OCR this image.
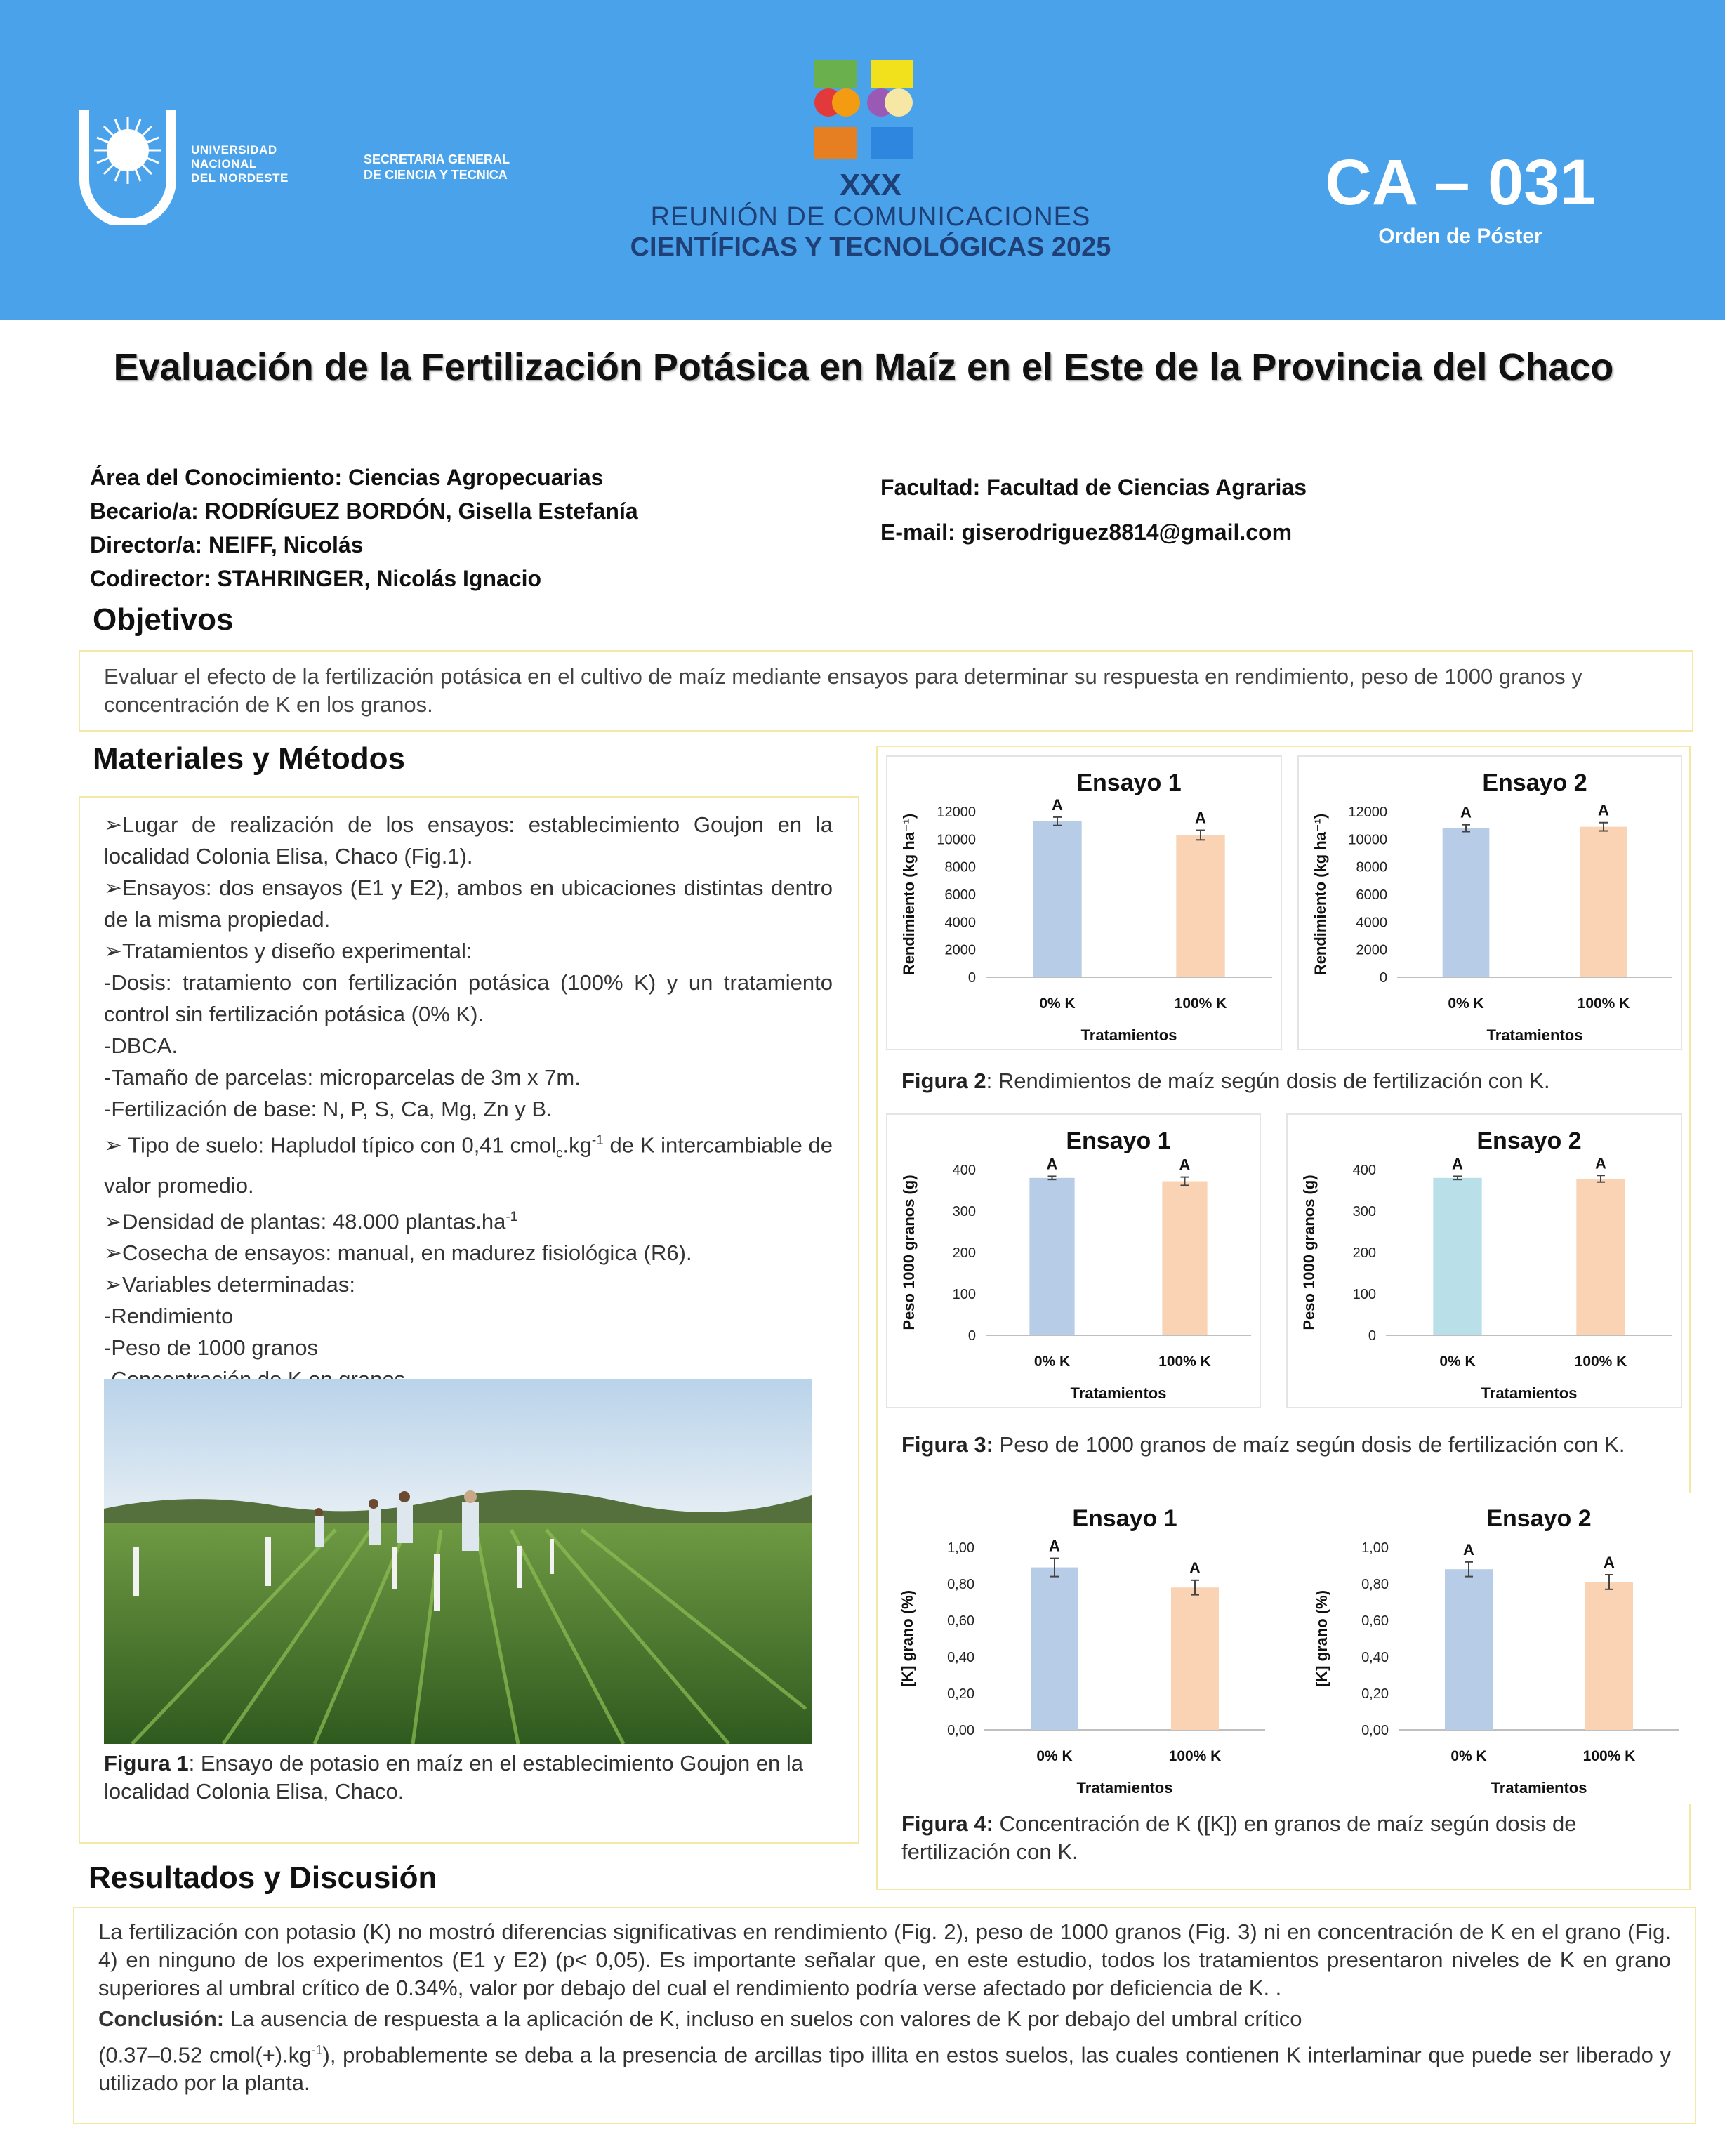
UNIVERSIDAD
NACIONAL
DEL NORDESTE
SECRETARIA GENERAL
DE CIENCIA Y TECNICA	XXX
REUNIÓN DE COMUNICACIONES
CIENTÍFICAS Y TECNOLÓGICAS 2025
CA – 031
Orden de Póster
Evaluación de la Fertilización Potásica en Maíz en el Este de la Provincia del Chaco
Área del Conocimiento: Ciencias Agropecuarias
Becario/a: RODRÍGUEZ BORDÓN, Gisella Estefanía
Director/a: NEIFF, Nicolás
Codirector: STAHRINGER, Nicolás Ignacio
Facultad: Facultad de Ciencias Agrarias
E-mail: giserodriguez8814@gmail.com
Objetivos
Evaluar el efecto de la fertilización potásica en el cultivo de maíz mediante ensayos para determinar su respuesta en rendimiento, peso de 1000 granos y concentración de K en los granos.
Materiales y Métodos

➢Lugar de realización de los ensayos: establecimiento Goujon en la localidad Colonia Elisa, Chaco (Fig.1).

➢Ensayos: dos ensayos (E1 y E2), ambos en ubicaciones distintas dentro de la misma propiedad.

➢Tratamientos y diseño experimental:

-Dosis: tratamiento con fertilización potásica (100% K) y un tratamiento control sin fertilización potásica (0% K).

-DBCA.

-Tamaño de parcelas: microparcelas de 3m x 7m.

-Fertilización de base: N, P, S, Ca, Mg, Zn y B.

➢ Tipo de suelo: Hapludol típico con 0,41 $cmol_c.kg^{-1}$ de K intercambiable de valor promedio.

➢Densidad de plantas: 48.000 $plantas.ha^{-1}$

➢Cosecha de ensayos: manual, en madurez fisiológica (R6).

➢Variables determinadas:

-Rendimiento

-Peso de 1000 granos

Figura 1: Ensayo de potasio en maíz en el establecimiento Goujon en la localidad Colonia Elisa, Chaco.
Ensayo 1
0
2000
4000
6000
8000
10000
12000
Rendimiento (kg ha⁻¹)
A
0% K
A
100% K
Tratamientos
Ensayo 2
0
2000
4000
6000
8000
10000
12000
Rendimiento (kg ha⁻¹)
A
0% K
A
100% K
Tratamientos
Figura 2: Rendimientos de maíz según dosis de fertilización con K.
Ensayo 1
0
100
200
300
400
Peso 1000 granos (g)
A
0% K
A
100% K
Tratamientos
Ensayo 2
0
100
200
300
400
Peso 1000 granos (g)
A
0% K
A
100% K
Tratamientos
Figura 3: Peso de 1000 granos de maíz según dosis de fertilización con K.
Ensayo 1
0,00
0,20
0,40
0,60
0,80
1,00
[K] grano (%)
A
0% K
A
100% K
Tratamientos
Ensayo 2
0,00
0,20
0,40
0,60
0,80
1,00
[K] grano (%)
A
0% K
A
100% K
Tratamientos
Figura 4: Concentración de K ([K]) en granos de maíz según dosis de fertilización con K.
Resultados y Discusión

La fertilización con potasio (K) no mostró diferencias significativas en rendimiento (Fig. 2), peso de 1000 granos (Fig. 3) ni en concentración de K en el grano (Fig. 4) en ninguno de los experimentos (E1 y E2) (p< 0,05). Es importante señalar que, en este estudio, todos los tratamientos presentaron niveles de K en grano superiores al umbral crítico de 0.34%, valor por debajo del cual el rendimiento podría verse afectado por deficiencia de K. .

Conclusión: La ausencia de respuesta a la aplicación de K, incluso en suelos con valores de K por debajo del umbral crítico

(0.37–0.52 $cmol(+).kg^{-1}$), probablemente se deba a la presencia de arcillas tipo illita en estos suelos, las cuales contienen K interlaminar que puede ser liberado y utilizado por la planta.
